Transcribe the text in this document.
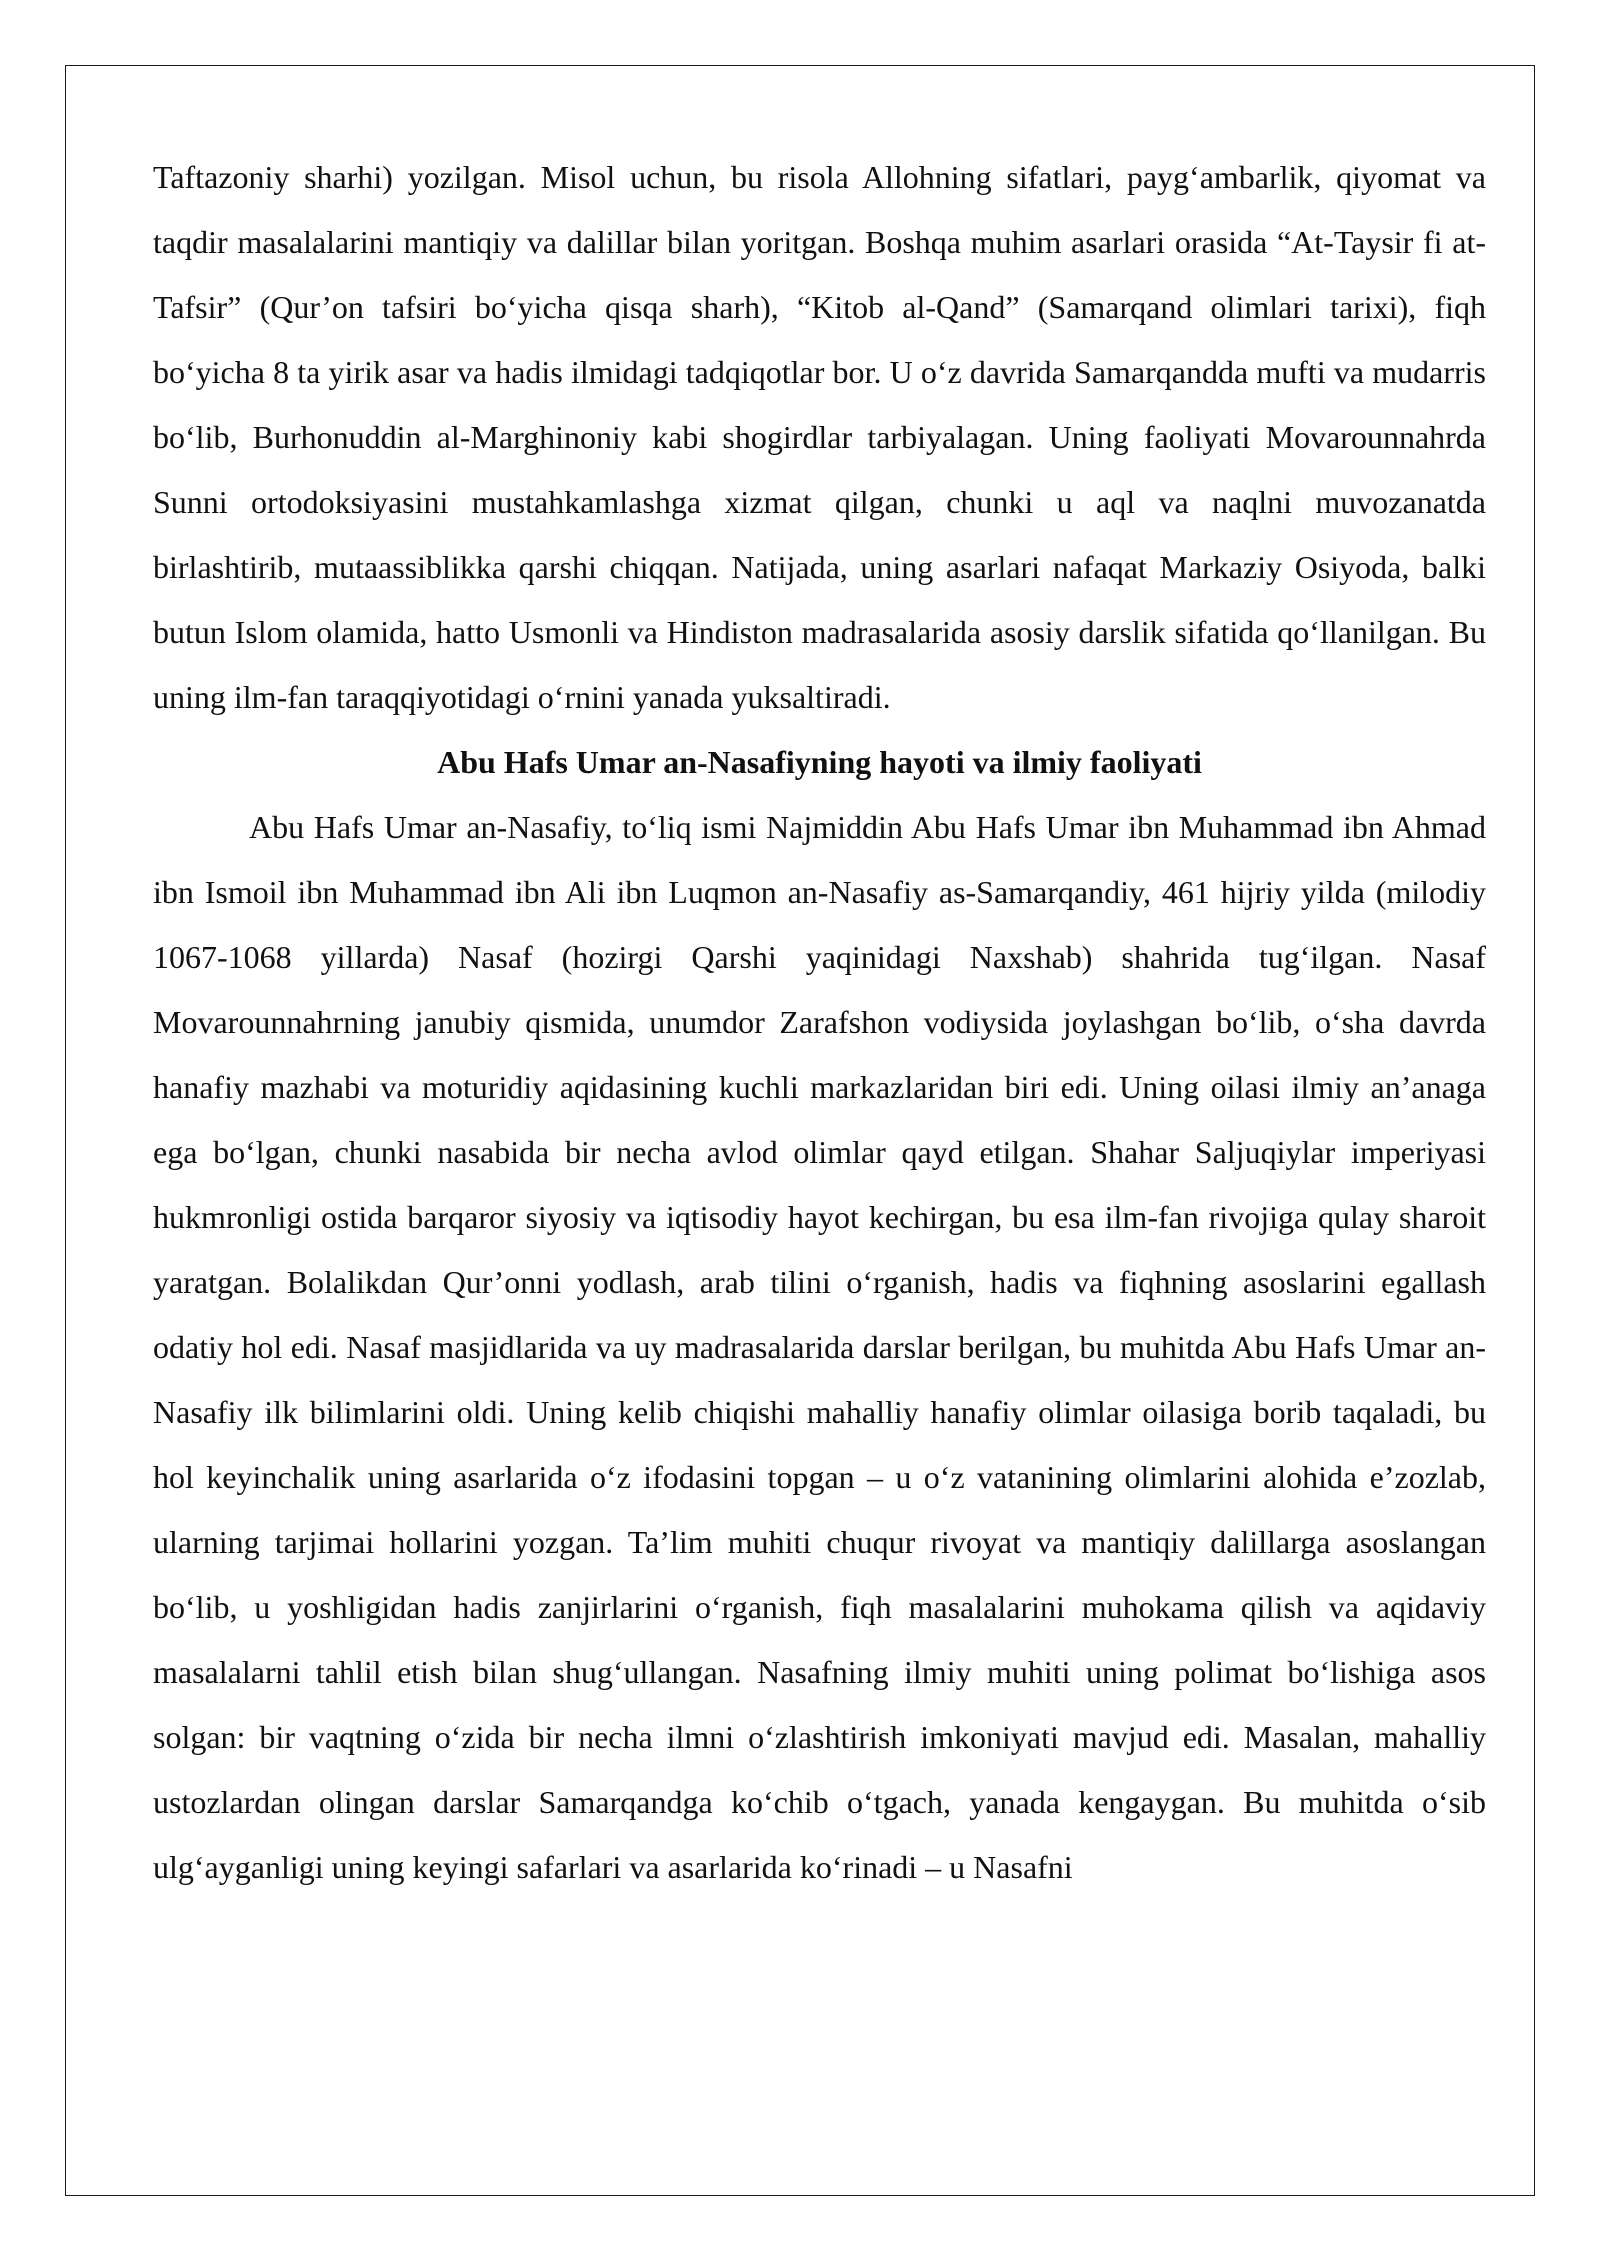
Taftazoniy sharhi) yozilgan. Misol uchun, bu risola Allohning sifatlari, payg‘ambarlik, qiyomat va taqdir masalalarini mantiqiy va dalillar bilan yoritgan. Boshqa muhim asarlari orasida “At-Taysir fi at-Tafsir” (Qur’on tafsiri bo‘yicha qisqa sharh), “Kitob al-Qand” (Samarqand olimlari tarixi), fiqh bo‘yicha 8 ta yirik asar va hadis ilmidagi tadqiqotlar bor. U o‘z davrida Samarqandda mufti va mudarris bo‘lib, Burhonuddin al-Marghinoniy kabi shogirdlar tarbiyalagan. Uning faoliyati Movarounnahrda Sunni ortodoksiyasini mustahkamlashga xizmat qilgan, chunki u aql va naqlni muvozanatda birlashtirib, mutaassiblikka qarshi chiqqan. Natijada, uning asarlari nafaqat Markaziy Osiyoda, balki butun Islom olamida, hatto Usmonli va Hindiston madrasalarida asosiy darslik sifatida qo‘llanilgan. Bu uning ilm-fan taraqqiyotidagi o‘rnini yanada yuksaltiradi.

Abu Hafs Umar an-Nasafiyning hayoti va ilmiy faoliyati

Abu Hafs Umar an-Nasafiy, to‘liq ismi Najmiddin Abu Hafs Umar ibn Muhammad ibn Ahmad ibn Ismoil ibn Muhammad ibn Ali ibn Luqmon an-Nasafiy as-Samarqandiy, 461 hijriy yilda (milodiy 1067-1068 yillarda) Nasaf (hozirgi Qarshi yaqinidagi Naxshab) shahrida tug‘ilgan. Nasaf Movarounnahrning janubiy qismida, unumdor Zarafshon vodiysida joylashgan bo‘lib, o‘sha davrda hanafiy mazhabi va moturidiy aqidasining kuchli markazlaridan biri edi. Uning oilasi ilmiy an’anaga ega bo‘lgan, chunki nasabida bir necha avlod olimlar qayd etilgan. Shahar Saljuqiylar imperiyasi hukmronligi ostida barqaror siyosiy va iqtisodiy hayot kechirgan, bu esa ilm-fan rivojiga qulay sharoit yaratgan. Bolalikdan Qur’onni yodlash, arab tilini o‘rganish, hadis va fiqhning asoslarini egallash odatiy hol edi. Nasaf masjidlarida va uy madrasalarida darslar berilgan, bu muhitda Abu Hafs Umar an-Nasafiy ilk bilimlarini oldi. Uning kelib chiqishi mahalliy hanafiy olimlar oilasiga borib taqaladi, bu hol keyinchalik uning asarlarida o‘z ifodasini topgan – u o‘z vatanining olimlarini alohida e’zozlab, ularning tarjimai hollarini yozgan. Ta’lim muhiti chuqur rivoyat va mantiqiy dalillarga asoslangan bo‘lib, u yoshligidan hadis zanjirlarini o‘rganish, fiqh masalalarini muhokama qilish va aqidaviy masalalarni tahlil etish bilan shug‘ullangan. Nasafning ilmiy muhiti uning polimat bo‘lishiga asos solgan: bir vaqtning o‘zida bir necha ilmni o‘zlashtirish imkoniyati mavjud edi. Masalan, mahalliy ustozlardan olingan darslar Samarqandga ko‘chib o‘tgach, yanada kengaygan. Bu muhitda o‘sib ulg‘ayganligi uning keyingi safarlari va asarlarida ko‘rinadi – u Nasafni
